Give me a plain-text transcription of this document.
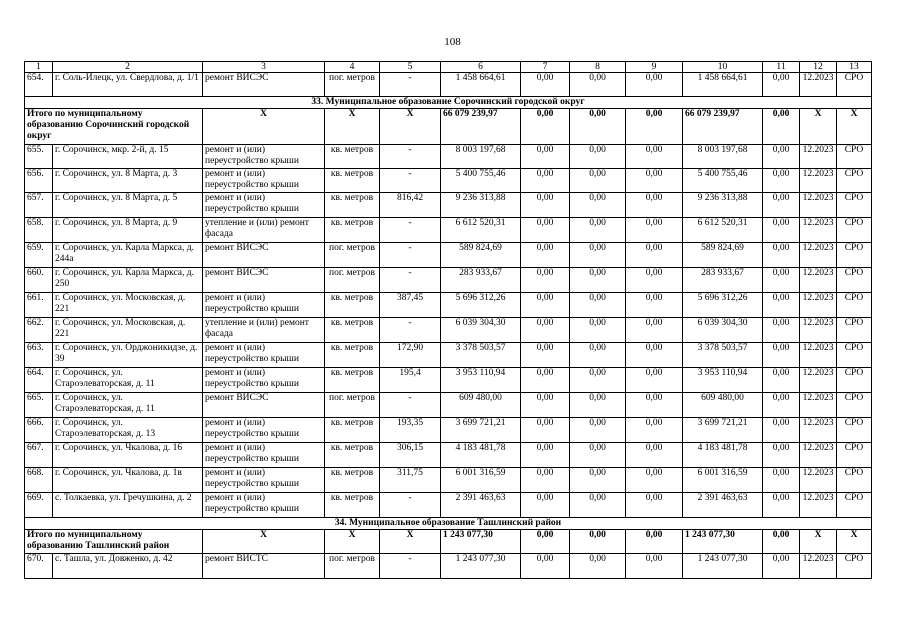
108
1	2	3	4	5	6	7	8	9	10	11	12	13
654.	г. Соль-Илецк, ул. Свердлова, д. 1/1	ремонт ВИСЭС	пог. метров	-	1 458 664,61	0,00	0,00	0,00	1 458 664,61	0,00	12.2023	СРО
33. Муниципальное образование Сорочинский городской округ												
Итого по муниципальному образованию Сорочинский городской округ		X	X	X	66 079 239,97	0,00	0,00	0,00	66 079 239,97	0,00	X	X
655.	г. Сорочинск, мкр. 2-й, д. 15	ремонт и (или) переустройство крыши	кв. метров	-	8 003 197,68	0,00	0,00	0,00	8 003 197,68	0,00	12.2023	СРО
656.	г. Сорочинск, ул. 8 Марта, д. 3	ремонт и (или) переустройство крыши	кв. метров	-	5 400 755,46	0,00	0,00	0,00	5 400 755,46	0,00	12.2023	СРО
657.	г. Сорочинск, ул. 8 Марта, д. 5	ремонт и (или) переустройство крыши	кв. метров	816,42	9 236 313,88	0,00	0,00	0,00	9 236 313,88	0,00	12.2023	СРО
658.	г. Сорочинск, ул. 8 Марта, д. 9	утепление и (или) ремонт фасада	кв. метров	-	6 612 520,31	0,00	0,00	0,00	6 612 520,31	0,00	12.2023	СРО
659.	г. Сорочинск, ул. Карла Маркса, д. 244а	ремонт ВИСЭС	пог. метров	-	589 824,69	0,00	0,00	0,00	589 824,69	0,00	12.2023	СРО
660.	г. Сорочинск, ул. Карла Маркса, д. 250	ремонт ВИСЭС	пог. метров	-	283 933,67	0,00	0,00	0,00	283 933,67	0,00	12.2023	СРО
661.	г. Сорочинск, ул. Московская, д. 221	ремонт и (или) переустройство крыши	кв. метров	387,45	5 696 312,26	0,00	0,00	0,00	5 696 312,26	0,00	12.2023	СРО
662.	г. Сорочинск, ул. Московская, д. 221	утепление и (или) ремонт фасада	кв. метров	-	6 039 304,30	0,00	0,00	0,00	6 039 304,30	0,00	12.2023	СРО
663.	г. Сорочинск, ул. Орджоникидзе, д. 39	ремонт и (или) переустройство крыши	кв. метров	172,90	3 378 503,57	0,00	0,00	0,00	3 378 503,57	0,00	12.2023	СРО
664.	г. Сорочинск, ул. Староэлеваторская, д. 11	ремонт и (или) переустройство крыши	кв. метров	195,4	3 953 110,94	0,00	0,00	0,00	3 953 110,94	0,00	12.2023	СРО
665.	г. Сорочинск, ул. Староэлеваторская, д. 11	ремонт ВИСЭС	пог. метров	-	609 480,00	0,00	0,00	0,00	609 480,00	0,00	12.2023	СРО
666.	г. Сорочинск, ул. Староэлеваторская, д. 13	ремонт и (или) переустройство крыши	кв. метров	193,35	3 699 721,21	0,00	0,00	0,00	3 699 721,21	0,00	12.2023	СРО
667.	г. Сорочинск, ул. Чкалова, д. 16	ремонт и (или) переустройство крыши	кв. метров	306,15	4 183 481,78	0,00	0,00	0,00	4 183 481,78	0,00	12.2023	СРО
668.	г. Сорочинск, ул. Чкалова, д. 1в	ремонт и (или) переустройство крыши	кв. метров	311,75	6 001 316,59	0,00	0,00	0,00	6 001 316,59	0,00	12.2023	СРО
669.	с. Толкаевка, ул. Гречушкина, д. 2	ремонт и (или) переустройство крыши	кв. метров	-	2 391 463,63	0,00	0,00	0,00	2 391 463,63	0,00	12.2023	СРО
34. Муниципальное образование Ташлинский район												
Итого по муниципальному образованию Ташлинский район		X	X	X	1 243 077,30	0,00	0,00	0,00	1 243 077,30	0,00	X	X
670.	с. Ташла, ул. Довженко, д. 42	ремонт ВИСТС	пог. метров	-	1 243 077,30	0,00	0,00	0,00	1 243 077,30	0,00	12.2023	СРО
